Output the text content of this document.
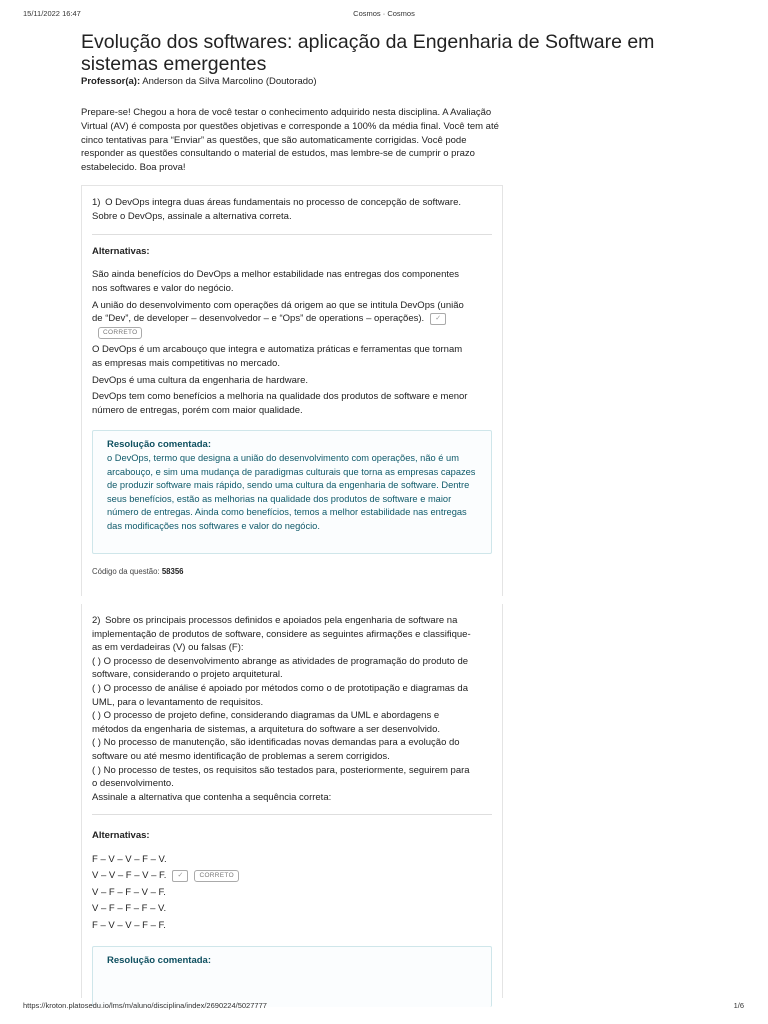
15/11/2022 16:47	Cosmos · Cosmos
Evolução dos softwares: aplicação da Engenharia de Software em sistemas emergentes
Professor(a): Anderson da Silva Marcolino (Doutorado)

Prepare-se! Chegou a hora de você testar o conhecimento adquirido nesta disciplina. A Avaliação Virtual (AV) é composta por questões objetivas e corresponde a 100% da média final. Você tem até cinco tentativas para “Enviar” as questões, que são automaticamente corrigidas. Você pode responder as questões consultando o material de estudos, mas lembre-se de cumprir o prazo estabelecido. Boa prova!

1) O DevOps integra duas áreas fundamentais no processo de concepção de software. Sobre o DevOps, assinale a alternativa correta.

Alternativas:
São ainda benefícios do DevOps a melhor estabilidade nas entregas dos componentes nos softwares e valor do negócio.
A união do desenvolvimento com operações dá origem ao que se intitula DevOps (união de “Dev”, de developer – desenvolvedor – e “Ops” de operations – operações). ✓
CORRETO
O DevOps é um arcabouço que integra e automatiza práticas e ferramentas que tornam as empresas mais competitivas no mercado.
DevOps é uma cultura da engenharia de hardware.
DevOps tem como benefícios a melhoria na qualidade dos produtos de software e menor número de entregas, porém com maior qualidade.
Resolução comentada:

o DevOps, termo que designa a união do desenvolvimento com operações, não é um arcabouço, e sim uma mudança de paradigmas culturais que torna as empresas capazes de produzir software mais rápido, sendo uma cultura da engenharia de software. Dentre seus benefícios, estão as melhorias na qualidade dos produtos de software e maior número de entregas. Ainda como benefícios, temos a melhor estabilidade nas entregas das modificações nos softwares e valor do negócio.

Código da questão: 58356

2) Sobre os principais processos definidos e apoiados pela engenharia de software na implementação de produtos de software, considere as seguintes afirmações e classifique-as em verdadeiras (V) ou falsas (F):
( ) O processo de desenvolvimento abrange as atividades de programação do produto de software, considerando o projeto arquitetural.
( ) O processo de análise é apoiado por métodos como o de prototipação e diagramas da UML, para o levantamento de requisitos.
( ) O processo de projeto define, considerando diagramas da UML e abordagens e métodos da engenharia de sistemas, a arquitetura do software a ser desenvolvido.
( ) No processo de manutenção, são identificadas novas demandas para a evolução do software ou até mesmo identificação de problemas a serem corrigidos.
( ) No processo de testes, os requisitos são testados para, posteriormente, seguirem para o desenvolvimento.
Assinale a alternativa que contenha a sequência correta:

Alternativas:
F – V – V – F – V.
V – V – F – V – F. ✓ CORRETO
V – F – F – V – F.
V – F – F – F – V.
F – V – V – F – F.
Resolução comentada:
https://kroton.platosedu.io/lms/m/aluno/disciplina/index/2690224/5027777	1/6
